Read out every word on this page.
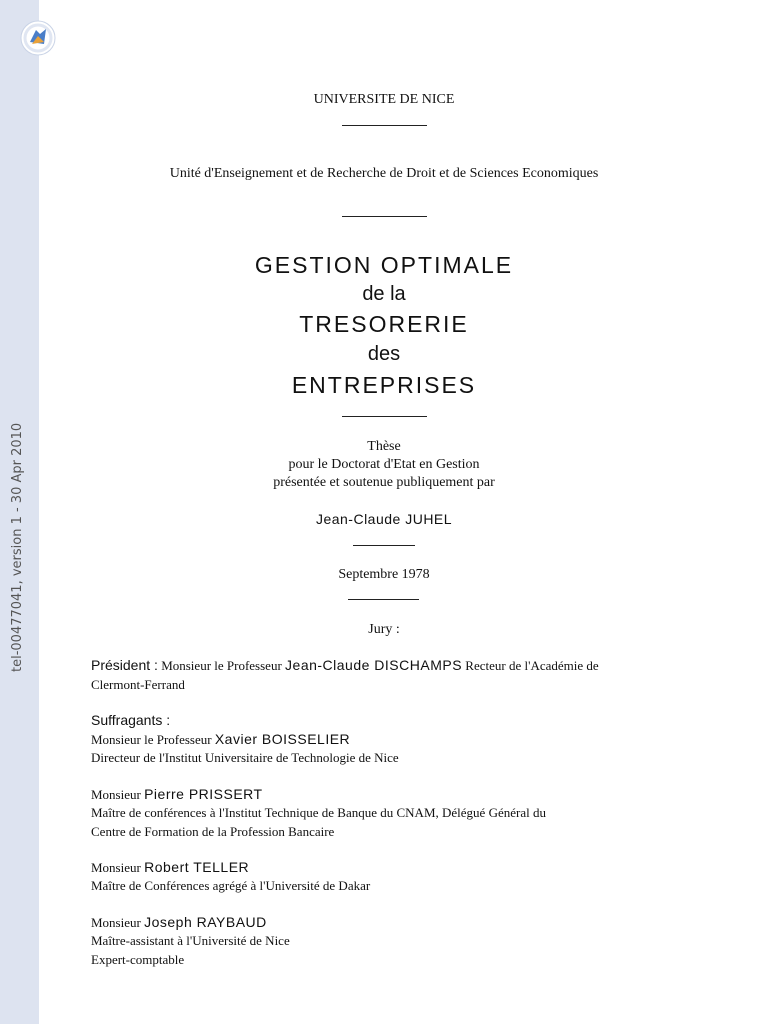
tel-00477041, version 1 - 30 Apr 2010
UNIVERSITE DE NICE
Unité d'Enseignement et de Recherche de Droit et de Sciences Economiques
GESTION OPTIMALE
de la
TRESORERIE
des
ENTREPRISES
Thèse
pour le Doctorat d'Etat en Gestion
présentée et soutenue publiquement par
Jean-Claude JUHEL
Septembre 1978
Jury :
Président : Monsieur le Professeur Jean-Claude DISCHAMPS Recteur de l'Académie de
Clermont-Ferrand
Suffragants :
Monsieur le Professeur Xavier BOISSELIER
Directeur de l'Institut Universitaire de Technologie de Nice
Monsieur Pierre PRISSERT
Maître de conférences à l'Institut Technique de Banque du CNAM, Délégué Général du
Centre de Formation de la Profession Bancaire
Monsieur Robert TELLER
Maître de Conférences agrégé à l'Université de Dakar
Monsieur Joseph RAYBAUD
Maître-assistant à l'Université de Nice
Expert-comptable
